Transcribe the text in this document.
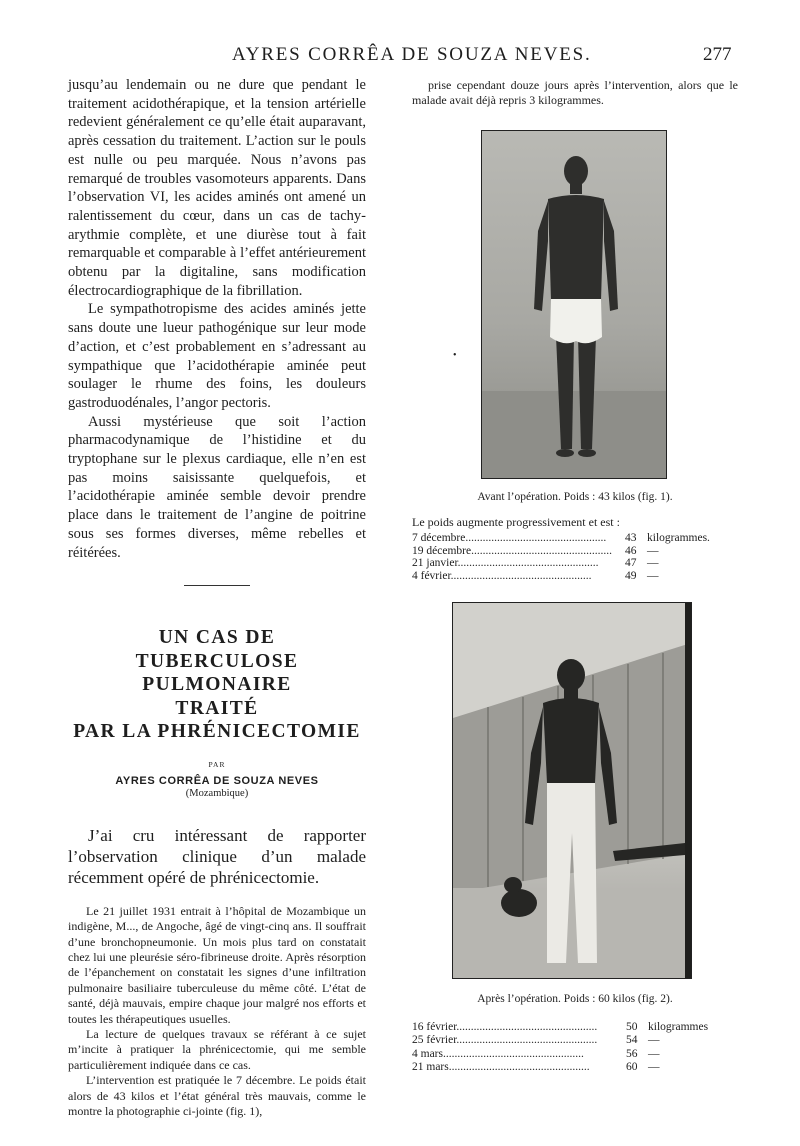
AYRES CORRÊA DE SOUZA NEVES.	277

jusqu’au lendemain ou ne dure que pendant le traitement acidothérapique, et la tension artérielle redevient généralement ce qu’elle était auparavant, après cessation du traitement. L’action sur le pouls est nulle ou peu marquée. Nous n’avons pas remarqué de troubles vasomoteurs apparents. Dans l’observation VI, les acides aminés ont amené un ralentissement du cœur, dans un cas de tachy-arythmie complète, et une diurèse tout à fait remarquable et comparable à l’effet antérieurement obtenu par la digitaline, sans modification électrocardiographique de la fibrillation.

Le sympathotropisme des acides aminés jette sans doute une lueur pathogénique sur leur mode d’action, et c’est probablement en s’adressant au sympathique que l’acidothérapie aminée peut soulager le rhume des foins, les douleurs gastroduodénales, l’angor pectoris.

Aussi mystérieuse que soit l’action pharmacodynamique de l’histidine et du tryptophane sur le plexus cardiaque, elle n’en est pas moins saisissante quelquefois, et l’acidothérapie aminée semble devoir prendre place dans le traitement de l’angine de poitrine sous ses formes diverses, même rebelles et réitérées.

UN CAS DE
TUBERCULOSE PULMONAIRE
TRAITÉ
PAR LA PHRÉNICECTOMIE
PAR
AYRES CORRÊA DE SOUZA NEVES
(Mozambique)

J’ai cru intéressant de rapporter l’observation clinique d’un malade récemment opéré de phrénicectomie.

Le 21 juillet 1931 entrait à l’hôpital de Mozambique un indigène, M..., de Angoche, âgé de vingt-cinq ans. Il souffrait d’une bronchopneumonie. Un mois plus tard on constatait chez lui une pleurésie séro-fibrineuse droite. Après résorption de l’épanchement on constatait les signes d’une infiltration pulmonaire basiliaire tuberculeuse du même côté. L’état de santé, déjà mauvais, empire chaque jour malgré nos efforts et toutes les thérapeutiques usuelles.

La lecture de quelques travaux se référant à ce sujet m’incite à pratiquer la phrénicectomie, qui me semble particulièrement indiquée dans ce cas.

L’intervention est pratiquée le 7 décembre. Le poids était alors de 43 kilos et l’état général très mauvais, comme le montre la photographie ci-jointe (fig. 1),

prise cependant douze jours après l’intervention, alors que le malade avait déjà repris 3 kilogrammes.

Avant l’opération. Poids : 43 kilos (fig. 1).
Le poids augmente progressivement et est :
7 décembre.................................................	43 kilogrammes.
19 décembre................................................. 46 —
21 janvier.................................................	47 —
4 février.................................................	49 —
Après l’opération. Poids : 60 kilos (fig. 2).
16 février.................................................	50 kilogrammes
25 février.................................................	54 —
4 mars.................................................	56 —
21 mars.................................................	60 —
•
